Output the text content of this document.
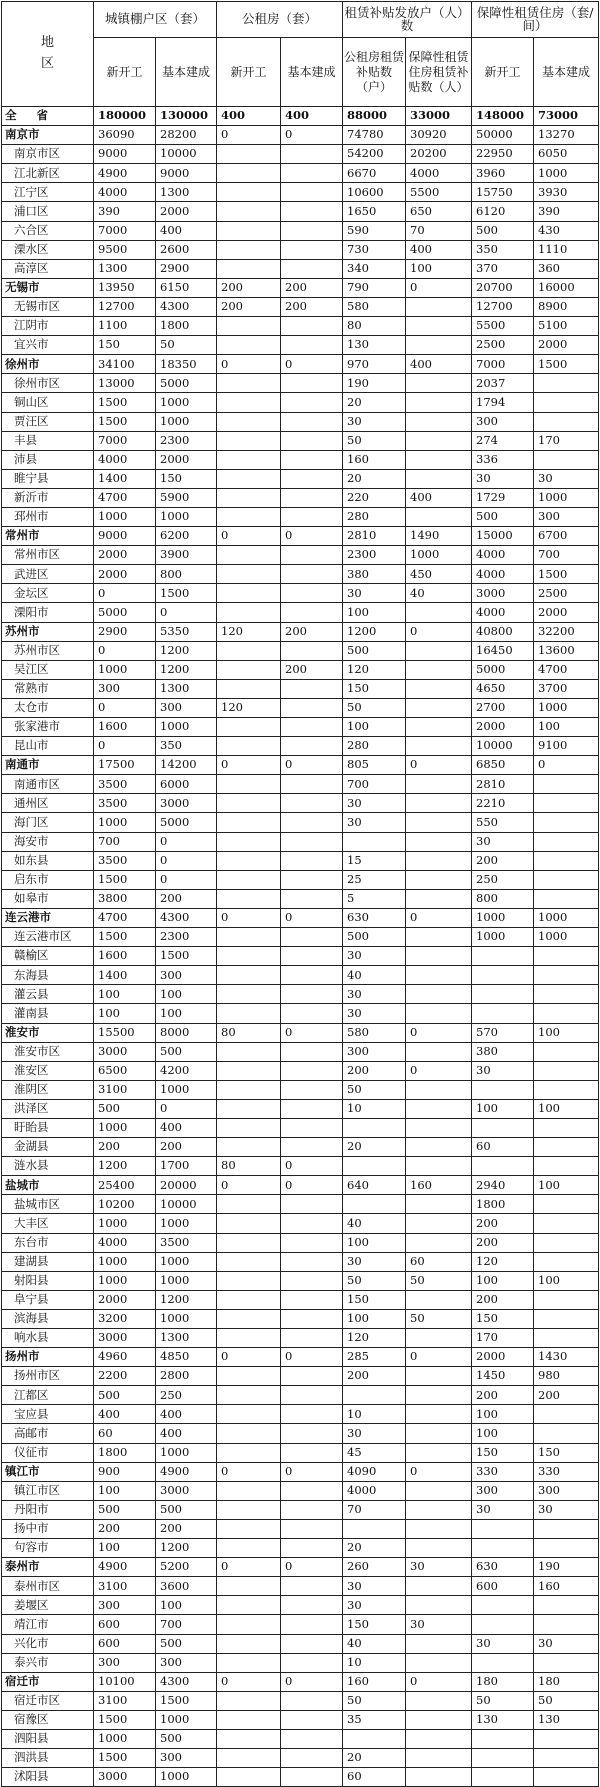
地
区	城镇棚户区（套）		公租房（套）		租赁补贴发放户（人）数		保障性租赁住房（套/间）	
	新开工	基本建成	新开工	基本建成	公租房租赁补贴数（户）	保障性租赁住房租赁补贴数（人）	新开工	基本建成
全 省	180000	130000	400	400	88000	33000	148000	73000
南京市	36090	28200	0	0	74780	30920	50000	13270
南京市区	9000	10000			54200	20200	22950	6050
江北新区	4900	9000			6670	4000	3960	1000
江宁区	4000	1300			10600	5500	15750	3930
浦口区	390	2000			1650	650	6120	390
六合区	7000	400			590	70	500	430
溧水区	9500	2600			730	400	350	1110
高淳区	1300	2900			340	100	370	360
无锡市	13950	6150	200	200	790	0	20700	16000
无锡市区	12700	4300	200	200	580		12700	8900
江阴市	1100	1800			80		5500	5100
宜兴市	150	50			130		2500	2000
徐州市	34100	18350	0	0	970	400	7000	1500
徐州市区	13000	5000			190		2037	
铜山区	1500	1000			20		1794	
贾汪区	1500	1000			30		300	
丰县	7000	2300			50		274	170
沛县	4000	2000			160		336	
睢宁县	1400	150			20		30	30
新沂市	4700	5900			220	400	1729	1000
邳州市	1000	1000			280		500	300
常州市	9000	6200	0	0	2810	1490	15000	6700
常州市区	2000	3900			2300	1000	4000	700
武进区	2000	800			380	450	4000	1500
金坛区	0	1500			30	40	3000	2500
溧阳市	5000	0			100		4000	2000
苏州市	2900	5350	120	200	1200	0	40800	32200
苏州市区	0	1200			500		16450	13600
吴江区	1000	1200		200	120		5000	4700
常熟市	300	1300			150		4650	3700
太仓市	0	300	120		50		2700	1000
张家港市	1600	1000			100		2000	100
昆山市	0	350			280		10000	9100
南通市	17500	14200	0	0	805	0	6850	0
南通市区	3500	6000			700		2810	
通州区	3500	3000			30		2210	
海门区	1000	5000			30		550	
海安市	700	0					30	
如东县	3500	0			15		200	
启东市	1500	0			25		250	
如皋市	3800	200			5		800	
连云港市	4700	4300	0	0	630	0	1000	1000
连云港市区	1500	2300			500		1000	1000
赣榆区	1600	1500			30			
东海县	1400	300			40			
灌云县	100	100			30			
灌南县	100	100			30			
淮安市	15500	8000	80	0	580	0	570	100
淮安市区	3000	500			300		380	
淮安区	6500	4200			200	0	30	
淮阴区	3100	1000			50			
洪泽区	500	0			10		100	100
盱眙县	1000	400						
金湖县	200	200			20		60	
涟水县	1200	1700	80	0				
盐城市	25400	20000	0	0	640	160	2940	100
盐城市区	10200	10000					1800	
大丰区	1000	1000			40		200	
东台市	4000	3500			100		200	
建湖县	1000	1000			30	60	120	
射阳县	1000	1000			50	50	100	100
阜宁县	2000	1200			150		200	
滨海县	3200	1000			100	50	150	
响水县	3000	1300			120		170	
扬州市	4960	4850	0	0	285	0	2000	1430
扬州市区	2200	2800			200		1450	980
江都区	500	250					200	200
宝应县	400	400			10		100	
高邮市	60	400			30		100	
仪征市	1800	1000			45		150	150
镇江市	900	4900	0	0	4090	0	330	330
镇江市区	100	3000			4000		300	300
丹阳市	500	500			70		30	30
扬中市	200	200						
句容市	100	1200			20			
泰州市	4900	5200	0	0	260	30	630	190
泰州市区	3100	3600			30		600	160
姜堰区	300	100			30			
靖江市	600	700			150	30		
兴化市	600	500			40		30	30
泰兴市	300	300			10			
宿迁市	10100	4300	0	0	160	0	180	180
宿迁市区	3100	1500			50		50	50
宿豫区	1500	1000			35		130	130
泗阳县	1000	500						
泗洪县	1500	300			20			
沭阳县	3000	1000			60			
